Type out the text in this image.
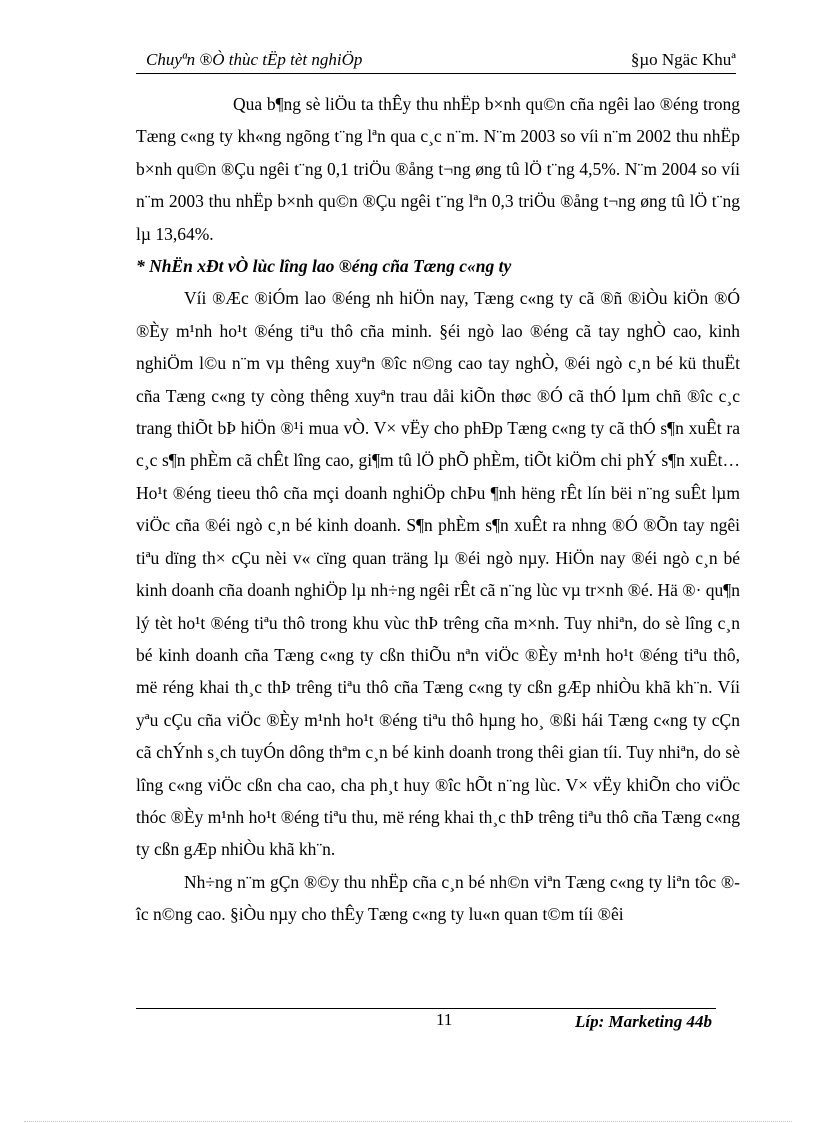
Chuyªn ®Ò thùc tËp tèt nghiÖp	§µo Ngäc Khuª

Qua b¶ng sè liÖu ta thÊy thu nhËp b×nh qu©n cña ngêi lao ®éng trong Tæng c«ng ty kh«ng ngõng t¨ng lªn qua c¸c n¨m. N¨m 2003 so víi n¨m 2002 thu nhËp b×nh qu©n ®Çu ngêi t¨ng 0,1 triÖu ®ång t¬ng øng tû lÖ t¨ng 4,5%. N¨m 2004 so víi n¨m 2003 thu nhËp b×nh qu©n ®Çu ngêi t¨ng lªn 0,3 triÖu ®ång t¬ng øng tû lÖ t¨ng lµ 13,64%.

* NhËn xÐt vÒ lùc lîng lao ®éng cña Tæng c«ng ty

Víi ®Æc ®iÓm lao ®éng nh hiÖn nay, Tæng c«ng ty cã ®ñ ®iÒu kiÖn ®Ó ®Èy m¹nh ho¹t ®éng tiªu thô cña minh. §éi ngò lao ®éng cã tay nghÒ cao, kinh nghiÖm l©u n¨m vµ thêng xuyªn ®îc n©ng cao tay nghÒ, ®éi ngò c¸n bé kü thuËt cña Tæng c«ng ty còng thêng xuyªn trau dåi kiÕn thøc ®Ó cã thÓ lµm chñ ®îc c¸c trang thiÕt bÞ hiÖn ®¹i mua vÒ. V× vËy cho phÐp Tæng c«ng ty cã thÓ s¶n xuÊt ra c¸c s¶n phÈm cã chÊt lîng cao, gi¶m tû lÖ phÕ phÈm, tiÕt kiÖm chi phÝ s¶n xuÊt… Ho¹t ®éng tieeu thô cña mçi doanh nghiÖp chÞu ¶nh hëng rÊt lín bëi n¨ng suÊt lµm viÖc cña ®éi ngò c¸n bé kinh doanh. S¶n phÈm s¶n xuÊt ra nhng ®Ó ®Õn tay ngêi tiªu dïng th× cÇu nèi v« cïng quan träng lµ ®éi ngò nµy. HiÖn nay ®éi ngò c¸n bé kinh doanh cña doanh nghiÖp lµ nh÷ng ngêi rÊt cã n¨ng lùc vµ tr×nh ®é. Hä ®· qu¶n lý tèt ho¹t ®éng tiªu thô trong khu vùc thÞ trêng cña m×nh. Tuy nhiªn, do sè lîng c¸n bé kinh doanh cña Tæng c«ng ty cßn thiÕu nªn viÖc ®Èy m¹nh ho¹t ®éng tiªu thô, më réng khai th¸c thÞ trêng tiªu thô cña Tæng c«ng ty cßn gÆp nhiÒu khã kh¨n. Víi yªu cÇu cña viÖc ®Èy m¹nh ho¹t ®éng tiªu thô hµng ho¸ ®ßi hái Tæng c«ng ty cÇn cã chÝnh s¸ch tuyÓn dông thªm c¸n bé kinh doanh trong thêi gian tíi. Tuy nhiªn, do sè lîng c«ng viÖc cßn cha cao, cha ph¸t huy ®îc hÕt n¨ng lùc. V× vËy khiÕn cho viÖc thóc ®Èy m¹nh ho¹t ®éng tiªu thu, më réng khai th¸c thÞ trêng tiªu thô cña Tæng c«ng ty cßn gÆp nhiÒu khã kh¨n.

Nh÷ng n¨m gÇn ®©y thu nhËp cña c¸n bé nh©n viªn Tæng c«ng ty liªn tôc ®îc n©ng cao. §iÒu nµy cho thÊy Tæng c«ng ty lu«n quan t©m tíi ®êi

11	Líp: Marketing 44b
